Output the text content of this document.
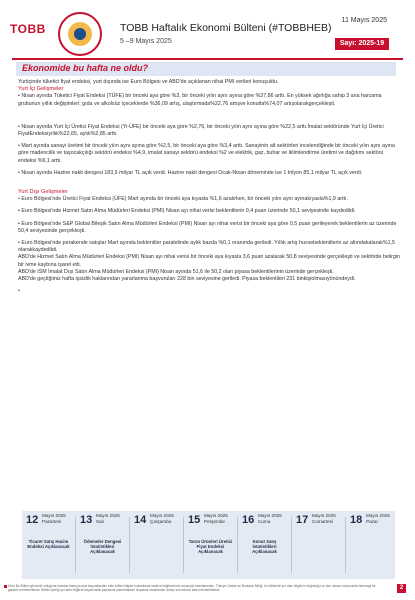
TOBB	TOBB Haftalık Ekonomi Bülteni (#TOBBHEB)
5 –9 Mayıs 2025
11 Mayıs 2025
Sayı: 2025-19
Ekonomide bu hafta ne oldu?

Yurtiçinde tüketici fiyat endeksi, yurt dışında ise Euro Bölgesi ve ABD'de açıklanan nihai PMI verileri konuşuldu.

Yurt İçi Gelişmeler

• Nisan ayında Tüketici Fiyat Endeksi (TÜFE) bir önceki aya göre %3, bir önceki yılın aynı ayına göre %37,86 arttı. En yüksek ağırlığa sahip 3 ana harcama grubunun yıllık değişimleri; gıda ve alkolsüz içeceklerde %36,09 artış, ulaştırmada%22,76 artışve konutta%74,07 artışolarakgerçekleşti.

• Nisan ayında Yurt İçi Üretici Fiyat Endeksi (Yi-ÜFE) bir önceki aya göre %2,76, bir önceki yılın aynı ayına göre %22,5 arttı.İmalat sektöründe Yurt İçi Üretici FiyatEndeksiyıllık%22,65, aylık%2,85 arttı.

• Mart ayında sanayi üretimi bir önceki yılın aynı ayına göre %2,5, bir önceki aya göre %3,4 arttı. Sanayinin alt sektörleri incelendiğinde bir önceki yılın aynı ayına göre madencilik ve taşocakçılığı sektörü endeksi %4,9, imalat sanayi sektörü endeksi %2 ve elektrik, gaz, buhar ve iklimlendirme üretimi ve dağıtımı sektörü endeksi %6,1 arttı.

• Nisan ayında Hazine nakit dengesi 183,5 milyar TL açık verdi. Hazine nakit dengesi Ocak-Nisan döneminde ise 1 trilyon 85,1 milyar TL açık verdi.

Yurt Dışı Gelişmeler

• Euro Bölgesi'nde Üretici Fiyat Endeksi (ÜFE) Mart ayında bir önceki aya kıyasla %1,6 azalırken, bir önceki yılın aynı ayınakıyasla%1,9 arttı.

• Euro Bölgesi'nde Hizmet Satın Alma Müdürleri Endeksi (PMI) Nisan ayı nihai verisi beklentilerin 0,4 puan üzerinde 50,1 seviyesinde kaydedildi.

• Euro Bölgesi'nde S&P Global Bileşik Satın Alma Müdürleri Endeksi (PMI) Nisan ayı nihai verisi bir önceki aya göre 0,5 puan gerileyerek beklentilerin az üzerinde 50,4 seviyesinde gerçekleşti.

• Euro Bölgesi'nde perakende satışlar Mart ayında beklentiler paralelinde aylık bazda %0,1 oranında geriledi. Yıllık artış hızısebeklentilerin az altındakalarak%1,5 olarakkaydedildi.
ABD'de Hizmet Satın Alma Müdürleri Endeksi (PMI) Nisan ayı nihai verisi bir önceki aya kıyasla 3,6 puan azalarak 50,8 seviyesinde gerçekleşti ve sektörde belirgin bir ivme kaybına işaret etti.
ABD'de ISM İmalat Dışı Satın Alma Müdürleri Endeksi (PMI) Nisan ayında 51,6 ile 50,2 olan piyasa beklentilerinin üzerinde gerçekleşti.
ABD'de geçtiğimiz hafta işsizlik haklarından yararlanma başvuruları 228 bin seviyesine geriledi. Piyasa beklentileri 231 binkişiolmasıyönündeydi.

•

12 Mayıs 2025
Pazartesi
Ticaret Satış Hacim Endeksi Açıklanacak
13 Mayıs 2025
Salı
Ödemeler Dengesi İstatistikleri Açıklanacak
14 Mayıs 2025
Çarşamba 15 Mayıs 2025
Perşembe
Tarım Ürünleri Üretici Fiyat Endeksi Açıklanacak
16 Mayıs 2025
Cuma
Konut Satış İstatistikleri Açıklanacak
17 Mayıs 2025
Cumartesi 18 Mayıs 2025
Pazar
Ürün Bu Bülten güvenilir olduğuna inanılan kamuya açık kaynaklardan elde edilen bilgiler kullanılarak sadece bilgilendirme amacıyla hazırlanmıştır. Türkiye Odalar ve Borsalar Birliği, bu bültende yer alan bilgilerin doğruluğu ve tam olması konusunda herhangi bir garanti vermemektedir. Bülten içeriği yer alan bilgilere dayanılarak yapılacak yatırımlardan oluşacak zararlardan dolayı sorumluluk kabul etmemektedir.	2
